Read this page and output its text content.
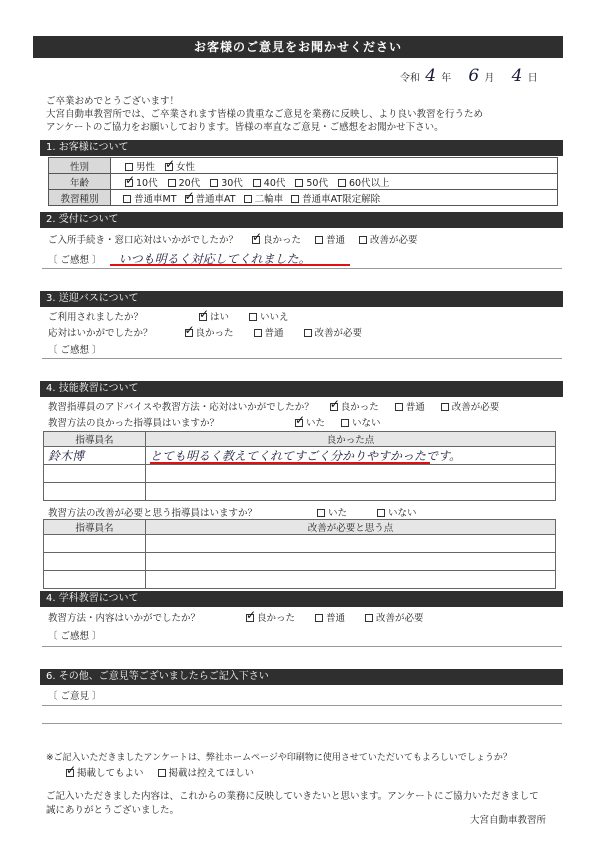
お客様のご意見をお聞かせください
令和 4 年 6 月 4 日
ご卒業おめでとうございます！
大宮自動車教習所では、ご卒業されます皆様の貴重なご意見を業務に反映し、より良い教習を行うため
アンケートのご協力をお願いしております。皆様の率直なご意見・ご感想をお聞かせ下さい。
1. お客様について
性別	男性 ✓ 女性
年齢	✓10代 20代 30代 40代 50代 60代以上
教習種別	普通車MT ✓ 普通車AT 二輪車 普通車AT限定解除
2. 受付について
ご入所手続き・窓口応対はいかがでしたか？ ✓	良かった	普通	改善が必要
〔 ご感想 〕 いつも明るく対応してくれました。
3. 送迎バスについて
ご利用されましたか？ ✓	はい	いいえ
応対はいかがでしたか？ ✓	良かった	普通	改善が必要
〔 ご感想 〕
4. 技能教習について
教習指導員のアドバイスや教習方法・応対はいかがでしたか？ ✓	良かった	普通	改善が必要
教習方法の良かった指導員はいますか？ ✓	いた	いない
指導員名	良かった点
鈴木博	とても明るく教えてくれてすごく分かりやすかったです。

教習方法の改善が必要と思う指導員はいますか？	いた	いない
指導員名	改善が必要と思う点

4. 学科教習について
教習方法・内容はいかがでしたか？ ✓	良かった	普通	改善が必要
〔 ご感想 〕
6. その他、ご意見等ございましたらご記入下さい
〔 ご意見 〕
※ご記入いただきましたアンケートは、弊社ホームページや印刷物に使用させていただいてもよろしいでしょうか？
✓掲載してもよい	掲載は控えてほしい
ご記入いただきました内容は、これからの業務に反映していきたいと思います。アンケートにご協力いただきまして
誠にありがとうございました。
大宮自動車教習所
